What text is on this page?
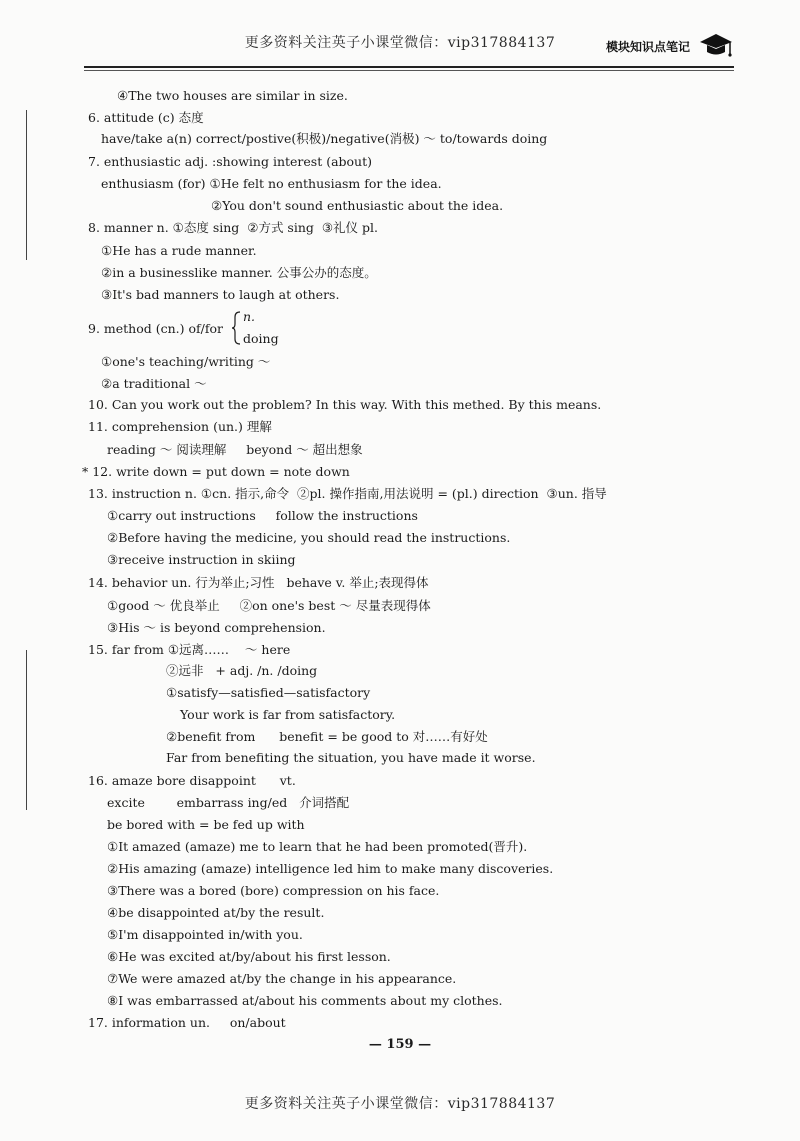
更多资料关注英子小课堂微信：vip317884137	模块知识点笔记
④The two houses are similar in size.
6. attitude (c) 态度
have/take a(n) correct/postive(积极)/negative(消极) ～ to/towards doing
7. enthusiastic adj. :showing interest (about)
enthusiasm (for) ①He felt no enthusiasm for the idea.
②You don't sound enthusiastic about the idea.
8. manner n. ①态度 sing  ②方式 sing  ③礼仪 pl.
①He has a rude manner.
②in a businesslike manner. 公事公办的态度。
③It's bad manners to laugh at others.
9. method (cn.) of/for
n.
doing
①one's teaching/writing ～
②a traditional ～
10. Can you work out the problem? In this way. With this methed. By this means.
11. comprehension (un.) 理解
reading ～ 阅读理解     beyond ～ 超出想象
* 12. write down = put down = note down
13. instruction n. ①cn. 指示,命令  ②pl. 操作指南,用法说明 = (pl.) direction  ③un. 指导
①carry out instructions     follow the instructions
②Before having the medicine, you should read the instructions.
③receive instruction in skiing
14. behavior un. 行为举止;习性   behave v. 举止;表现得体
①good ～ 优良举止     ②on one's best ～ 尽量表现得体
③His ～ is beyond comprehension.
15. far from ①远离……    ～ here
②远非   + adj. /n. /doing
①satisfy—satisfied—satisfactory
Your work is far from satisfactory.
②benefit from      benefit = be good to 对……有好处
Far from benefiting the situation, you have made it worse.
16. amaze bore disappoint      vt.
excite        embarrass ing/ed   介词搭配
be bored with = be fed up with
①It amazed (amaze) me to learn that he had been promoted(晋升).
②His amazing (amaze) intelligence led him to make many discoveries.
③There was a bored (bore) compression on his face.
④be disappointed at/by the result.
⑤I'm disappointed in/with you.
⑥He was excited at/by/about his first lesson.
⑦We were amazed at/by the change in his appearance.
⑧I was embarrassed at/about his comments about my clothes.
17. information un.     on/about
— 159 —
更多资料关注英子小课堂微信：vip317884137
